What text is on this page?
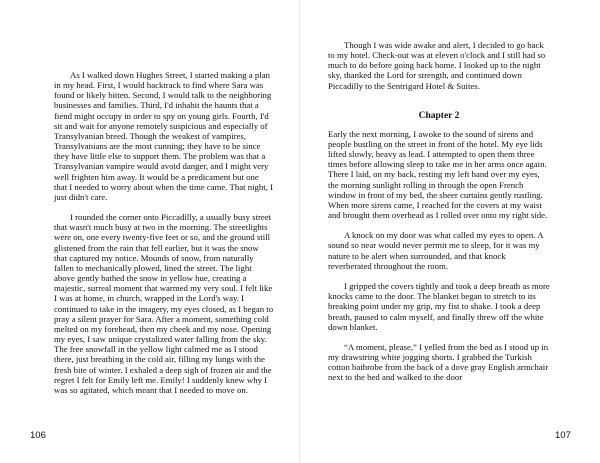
As I walked down Hughes Street, I started making a plan in my head. First, I would backtrack to find where Sara was found or likely bitten. Second, I would talk to the neighboring businesses and families. Third, I'd inhabit the haunts that a fiend might occupy in order to spy on young girls. Fourth, I'd sit and wait for anyone remotely suspicious and especially of Transylvanian breed. Though the weakest of vampires, Transylvanians are the most cunning; they have to be since they have little else to support them. The problem was that a Transylvanian vampire would avoid danger, and I might very well frighten him away. It would be a predicament but one that I needed to worry about when the time came. That night, I just didn't care.

I rounded the corner onto Piccadilly, a usually busy street that wasn't much busy at two in the morning. The streetlights were on, one every twenty-five feet or so, and the ground still glistened from the rain that fell earlier, but it was the snow that captured my notice. Mounds of snow, from naturally fallen to mechanically plowed, lined the street. The light above gently bathed the snow in yellow hue, creating a majestic, surreal moment that warmed my very soul. I felt like I was at home, in church, wrapped in the Lord's way. I continued to take in the imagery, my eyes closed, as I began to pray a silent prayer for Sara. After a moment, something cold melted on my forehead, then my cheek and my nose. Opening my eyes, I saw unique crystalized water falling from the sky. The free snowfall in the yellow light calmed me as I stood there, just breathing in the cold air, filling my lungs with the fresh bite of winter. I exhaled a deep sigh of frozen air and the regret I felt for Emily left me. Emily! I suddenly knew why I was so agitated, which meant that I needed to move on.

106

Though I was wide awake and alert, I decided to go back to my hotel. Check-out was at eleven o'clock and I still had so much to do before going back home. I looked up to the night sky, thanked the Lord for strength, and continued down Piccadilly to the Sentrigard Hotel & Suites.

Chapter 2

Early the next morning, I awoke to the sound of sirens and people bustling on the street in front of the hotel. My eye lids lifted slowly, heavy as lead. I attempted to open them three times before allowing sleep to take me in her arms once again. There I laid, on my back, resting my left hand over my eyes, the morning sunlight rolling in through the open French window in front of my bed, the sheer curtains gently rustling. When more sirens came, I reached for the covers at my waist and brought them overhead as I rolled over onto my right side.

A knock on my door was what called my eyes to open. A sound so near would never permit me to sleep, for it was my nature to be alert when surrounded, and that knock reverberated throughout the room.

I gripped the covers tightly and took a deep breath as more knocks came to the door. The blanket began to stretch to its breaking point under my grip, my fist to shake. I took a deep breath, paused to calm myself, and finally threw off the white down blanket.

“A moment, please,” I yelled from the bed as I stood up in my drawstring white jogging shorts. I grabbed the Turkish cotton bathrobe from the back of a dove gray English armchair next to the bed and walked to the door

107
